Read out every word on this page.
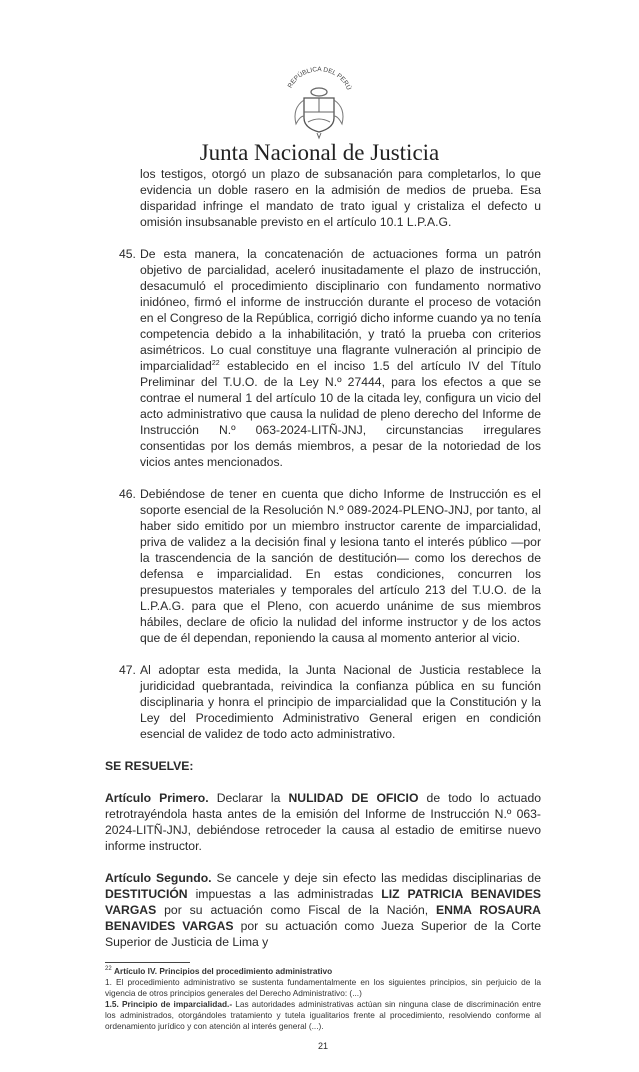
REPÚBLICA DEL PERÚ
Junta Nacional de Justicia

los testigos, otorgó un plazo de subsanación para completarlos, lo que evidencia un doble rasero en la admisión de medios de prueba. Esa disparidad infringe el mandato de trato igual y cristaliza el defecto u omisión insubsanable previsto en el artículo 10.1 L.P.A.G.

45. De esta manera, la concatenación de actuaciones forma un patrón objetivo de parcialidad, aceleró inusitadamente el plazo de instrucción, desacumuló el procedimiento disciplinario con fundamento normativo inidóneo, firmó el informe de instrucción durante el proceso de votación en el Congreso de la República, corrigió dicho informe cuando ya no tenía competencia debido a la inhabilitación, y trató la prueba con criterios asimétricos. Lo cual constituye una flagrante vulneración al principio de imparcialidad$^{22}$ establecido en el inciso 1.5 del artículo IV del Título Preliminar del T.U.O. de la Ley N.º 27444, para los efectos a que se contrae el numeral 1 del artículo 10 de la citada ley, configura un vicio del acto administrativo que causa la nulidad de pleno derecho del Informe de Instrucción N.º 063-2024-LITÑ-JNJ, circunstancias irregulares consentidas por los demás miembros, a pesar de la notoriedad de los vicios antes mencionados.
46. Debiéndose de tener en cuenta que dicho Informe de Instrucción es el soporte esencial de la Resolución N.º 089-2024-PLENO-JNJ, por tanto, al haber sido emitido por un miembro instructor carente de imparcialidad, priva de validez a la decisión final y lesiona tanto el interés público —por la trascendencia de la sanción de destitución— como los derechos de defensa e imparcialidad. En estas condiciones, concurren los presupuestos materiales y temporales del artículo 213 del T.U.O. de la L.P.A.G. para que el Pleno, con acuerdo unánime de sus miembros hábiles, declare de oficio la nulidad del informe instructor y de los actos que de él dependan, reponiendo la causa al momento anterior al vicio.
47. Al adoptar esta medida, la Junta Nacional de Justicia restablece la juridicidad quebrantada, reivindica la confianza pública en su función disciplinaria y honra el principio de imparcialidad que la Constitución y la Ley del Procedimiento Administrativo General erigen en condición esencial de validez de todo acto administrativo.
SE RESUELVE:
Artículo Primero. Declarar la NULIDAD DE OFICIO de todo lo actuado retrotrayéndola hasta antes de la emisión del Informe de Instrucción N.º 063-2024-LITÑ-JNJ, debiéndose retroceder la causa al estadio de emitirse nuevo informe instructor.
Artículo Segundo. Se cancele y deje sin efecto las medidas disciplinarias de DESTITUCIÓN impuestas a las administradas LIZ PATRICIA BENAVIDES VARGAS por su actuación como Fiscal de la Nación, ENMA ROSAURA BENAVIDES VARGAS por su actuación como Jueza Superior de la Corte Superior de Justicia de Lima y
$^{22}$ Artículo IV. Principios del procedimiento administrativo
1. El procedimiento administrativo se sustenta fundamentalmente en los siguientes principios, sin perjuicio de la vigencia de otros principios generales del Derecho Administrativo: (...)
1.5. Principio de imparcialidad.- Las autoridades administrativas actúan sin ninguna clase de discriminación entre los administrados, otorgándoles tratamiento y tutela igualitarios frente al procedimiento, resolviendo conforme al ordenamiento jurídico y con atención al interés general (...).
21
